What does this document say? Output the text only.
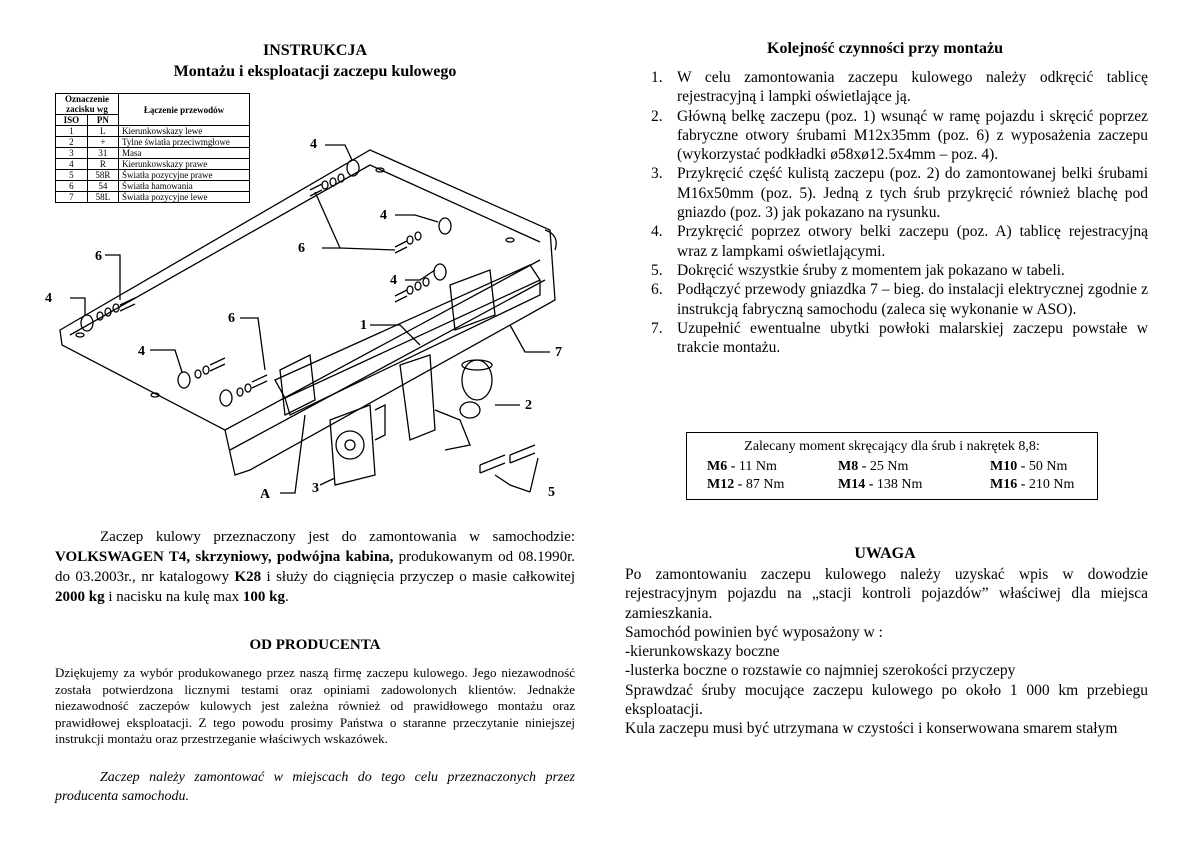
INSTRUKCJA
Montażu i eksploatacji zaczepu kulowego
Oznaczenie zacisku wg		Łączenie przewodów
ISO	PN	
1	L	Kierunkowskazy lewe
2	+	Tylne światła przeciwmgłowe
3	31	Masa
4	R	Kierunkowskazy prawe
5	58R	Światła pozycyjne prawe
6	54	Światła hamowania
7	58L	Światła pozycyjne lewe
6
4
4
6
4
6
4
4
1
7
2
3	5
A
Zaczep kulowy przeznaczony jest do zamontowania w samochodzie: VOLKSWAGEN T4, skrzyniowy, podwójna kabina, produkowanym od 08.1990r. do 03.2003r., nr katalogowy K28 i służy do ciągnięcia przyczep o masie całkowitej 2000 kg i nacisku na kulę max 100 kg.
OD PRODUCENTA
Dziękujemy za wybór produkowanego przez naszą firmę zaczepu kulowego. Jego niezawodność została potwierdzona licznymi testami oraz opiniami zadowolonych klientów. Jednakże niezawodność zaczepów kulowych jest zależna również od prawidłowego montażu oraz prawidłowej eksploatacji. Z tego powodu prosimy Państwa o staranne przeczytanie niniejszej instrukcji montażu oraz przestrzeganie właściwych wskazówek.
Zaczep należy zamontować w miejscach do tego celu przeznaczonych przez producenta samochodu.
Kolejność czynności przy montażu
1. W celu zamontowania zaczepu kulowego należy odkręcić tablicę rejestracyjną i lampki oświetlające ją.
2. Główną belkę zaczepu (poz. 1) wsunąć w ramę pojazdu i skręcić poprzez fabryczne otwory śrubami M12x35mm (poz. 6) z wyposażenia zaczepu (wykorzystać podkładki ø58xø12.5x4mm – poz. 4).
3. Przykręcić część kulistą zaczepu (poz. 2) do zamontowanej belki śrubami M16x50mm (poz. 5). Jedną z tych śrub przykręcić również blachę pod gniazdo (poz. 3) jak pokazano na rysunku.
4. Przykręcić poprzez otwory belki zaczepu (poz. A) tablicę rejestracyjną wraz z lampkami oświetlającymi.
5. Dokręcić wszystkie śruby z momentem jak pokazano w tabeli.
6. Podłączyć przewody gniazdka 7 – bieg. do instalacji elektrycznej zgodnie z instrukcją fabryczną samochodu (zaleca się wykonanie w ASO).
7. Uzupełnić ewentualne ubytki powłoki malarskiej zaczepu powstałe w trakcie montażu.
Zalecany moment skręcający dla śrub i nakrętek 8,8:
M6 - 11 Nm	M8 - 25 Nm	M10 - 50 Nm
M12 - 87 Nm	M14 - 138 Nm	M16 - 210 Nm
UWAGA

Po zamontowaniu zaczepu kulowego należy uzyskać wpis w dowodzie rejestracyjnym pojazdu na „stacji kontroli pojazdów” właściwej dla miejsca zamieszkania.

Samochód powinien być wyposażony w :

-kierunkowskazy boczne

-lusterka boczne o rozstawie co najmniej szerokości przyczepy

Sprawdzać śruby mocujące zaczepu kulowego po około 1 000 km przebiegu eksploatacji.

Kula zaczepu musi być utrzymana w czystości i konserwowana smarem stałym
